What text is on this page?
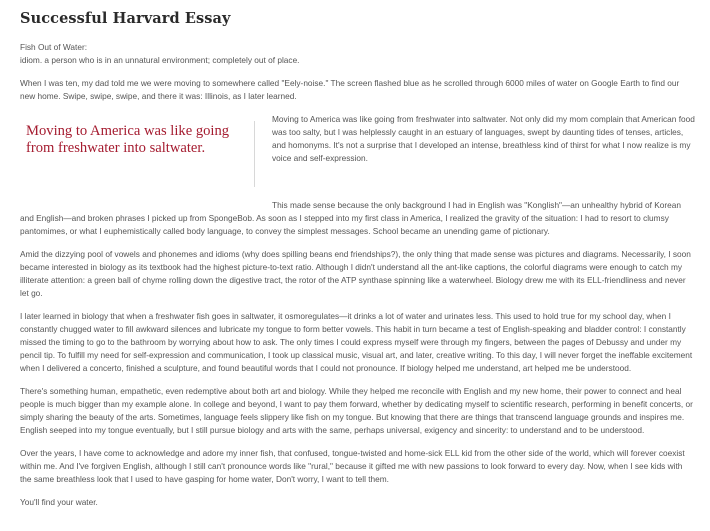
Successful Harvard Essay
Fish Out of Water:
idiom. a person who is in an unnatural environment; completely out of place.

When I was ten, my dad told me we were moving to somewhere called "Eely-noise." The screen flashed blue as he scrolled through 6000 miles of water on Google Earth to find our new home. Swipe, swipe, swipe, and there it was: Illinois, as I later learned.

Moving to America was like going from freshwater into saltwater.

Moving to America was like going from freshwater into saltwater. Not only did my mom complain that American food was too salty, but I was helplessly caught in an estuary of languages, swept by daunting tides of tenses, articles, and homonyms. It's not a surprise that I developed an intense, breathless kind of thirst for what I now realize is my voice and self-expression.

This made sense because the only background I had in English was "Konglish"—an unhealthy hybrid of Korean and English—and broken phrases I picked up from SpongeBob. As soon as I stepped into my first class in America, I realized the gravity of the situation: I had to resort to clumsy pantomimes, or what I euphemistically called body language, to convey the simplest messages. School became an unending game of pictionary.

Amid the dizzying pool of vowels and phonemes and idioms (why does spilling beans end friendships?), the only thing that made sense was pictures and diagrams. Necessarily, I soon became interested in biology as its textbook had the highest picture-to-text ratio. Although I didn't understand all the ant-like captions, the colorful diagrams were enough to catch my illiterate attention: a green ball of chyme rolling down the digestive tract, the rotor of the ATP synthase spinning like a waterwheel. Biology drew me with its ELL-friendliness and never let go.

I later learned in biology that when a freshwater fish goes in saltwater, it osmoregulates—it drinks a lot of water and urinates less. This used to hold true for my school day, when I constantly chugged water to fill awkward silences and lubricate my tongue to form better vowels. This habit in turn became a test of English-speaking and bladder control: I constantly missed the timing to go to the bathroom by worrying about how to ask. The only times I could express myself were through my fingers, between the pages of Debussy and under my pencil tip. To fulfill my need for self-expression and communication, I took up classical music, visual art, and later, creative writing. To this day, I will never forget the ineffable excitement when I delivered a concerto, finished a sculpture, and found beautiful words that I could not pronounce. If biology helped me understand, art helped me be understood.

There's something human, empathetic, even redemptive about both art and biology. While they helped me reconcile with English and my new home, their power to connect and heal people is much bigger than my example alone. In college and beyond, I want to pay them forward, whether by dedicating myself to scientific research, performing in benefit concerts, or simply sharing the beauty of the arts. Sometimes, language feels slippery like fish on my tongue. But knowing that there are things that transcend language grounds and inspires me. English seeped into my tongue eventually, but I still pursue biology and arts with the same, perhaps universal, exigency and sincerity: to understand and to be understood.

Over the years, I have come to acknowledge and adore my inner fish, that confused, tongue-twisted and home-sick ELL kid from the other side of the world, which will forever coexist within me. And I've forgiven English, although I still can't pronounce words like "rural," because it gifted me with new passions to look forward to every day. Now, when I see kids with the same breathless look that I used to have gasping for home water, Don't worry, I want to tell them.

You'll find your water.
